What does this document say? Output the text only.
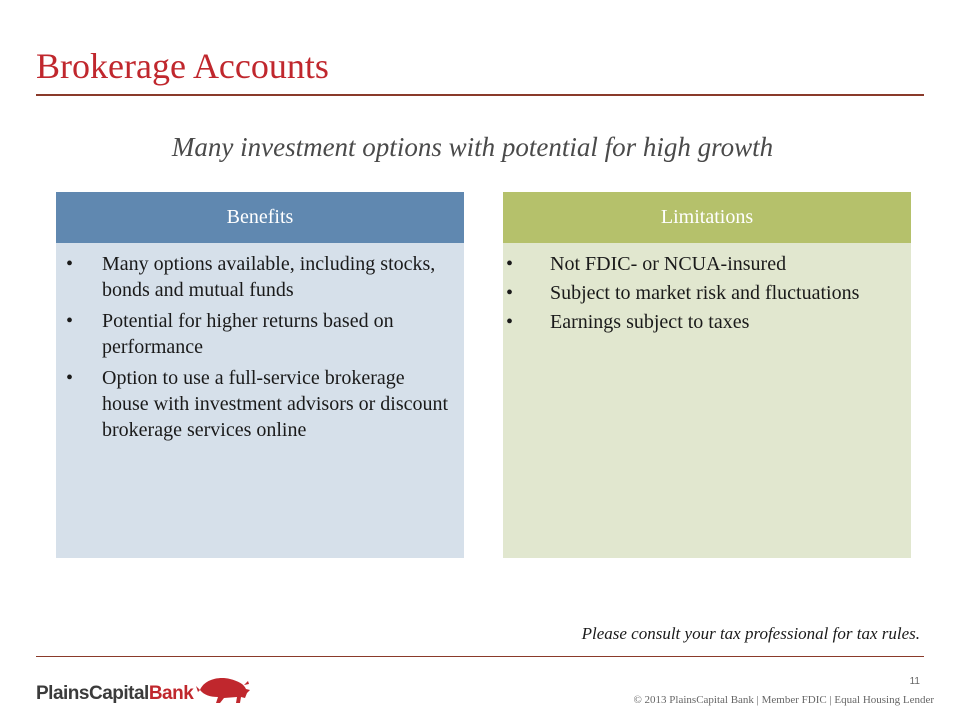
Brokerage Accounts
Many investment options with potential for high growth
Benefits
• Many options available, including stocks, bonds and mutual funds
• Potential for higher returns based on performance
• Option to use a full-service brokerage house with investment advisors or discount brokerage services online
Limitations
• Not FDIC- or NCUA-insured
• Subject to market risk and fluctuations
• Earnings subject to taxes
Please consult your tax professional for tax rules.
PlainsCapitalBank
11
© 2013 PlainsCapital Bank | Member FDIC | Equal Housing Lender
